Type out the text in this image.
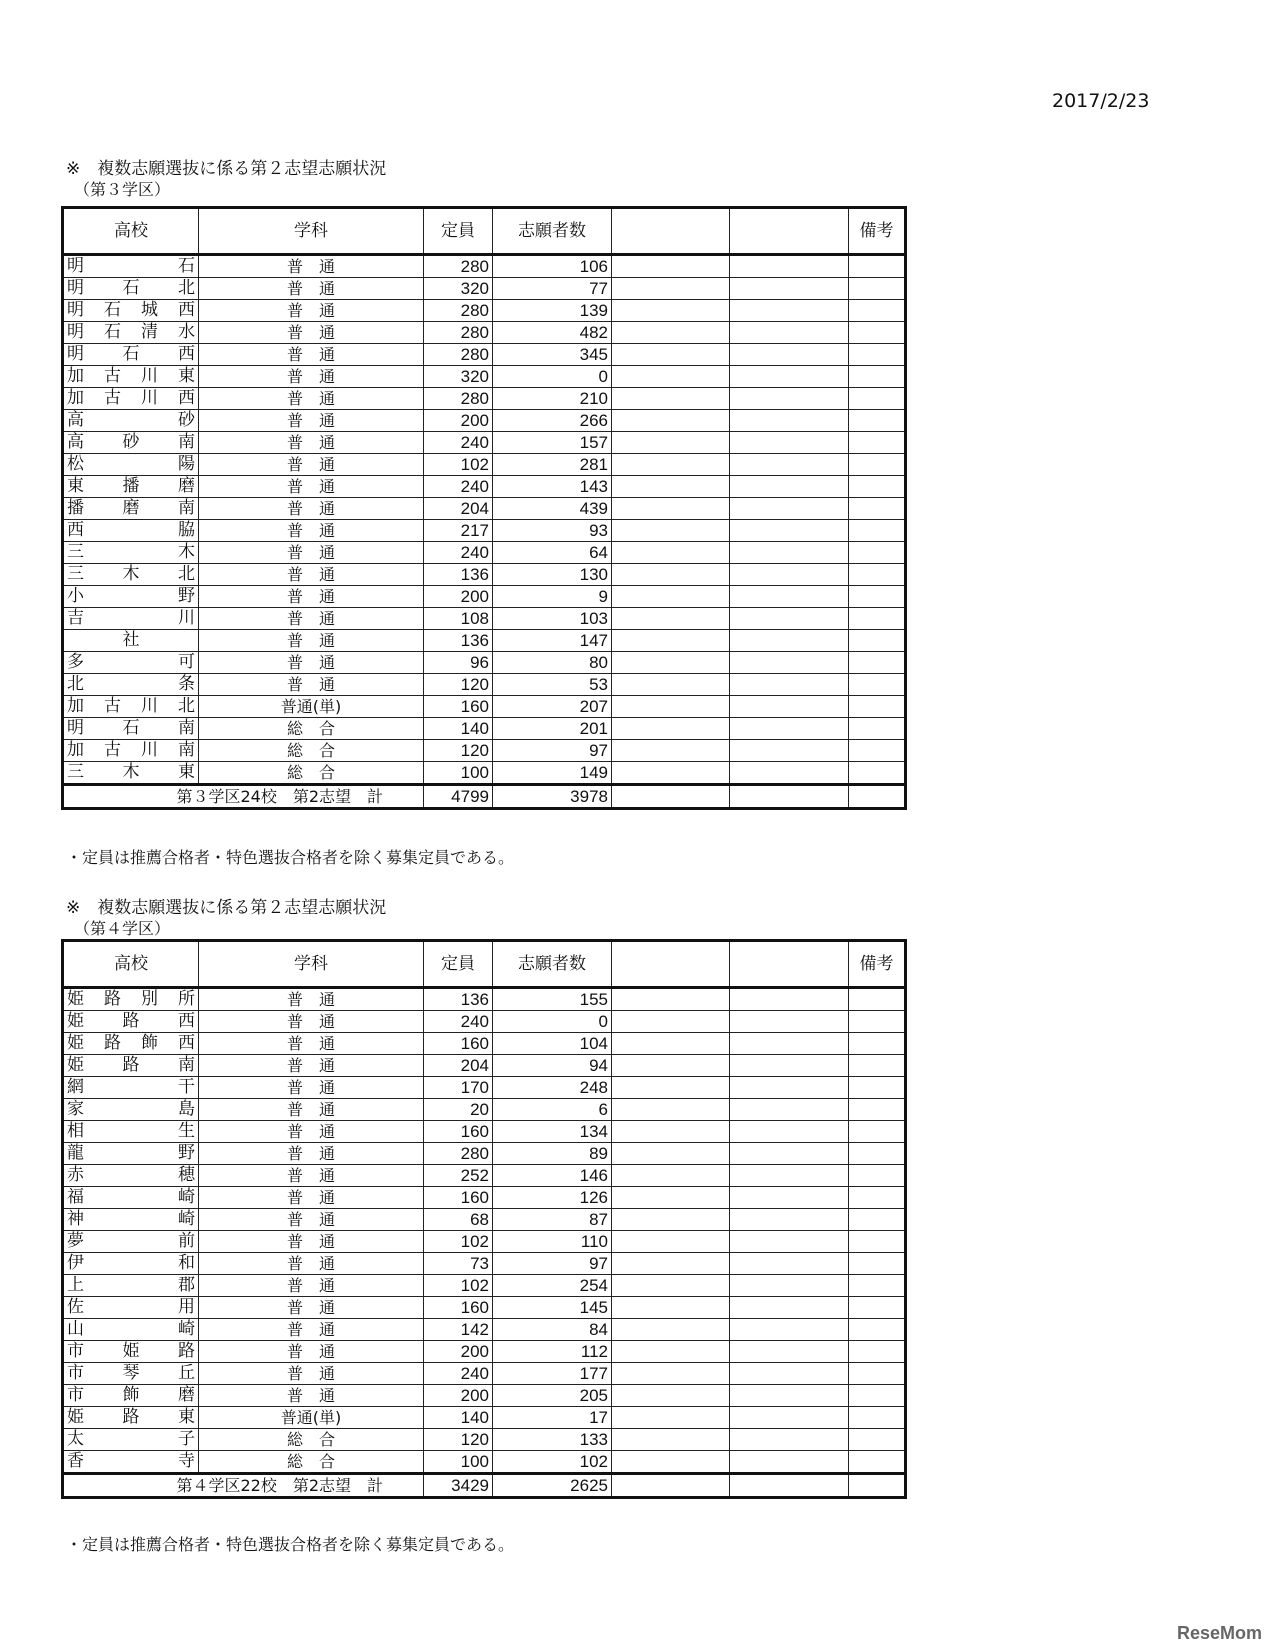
2017/2/23
※　複数志願選抜に係る第２志望志願状況
（第３学区）
高校	学科	定員	志願者数			備考
明石	普　通	280	106			
明石北	普　通	320	77			
明石城西	普　通	280	139			
明石清水	普　通	280	482			
明石西	普　通	280	345			
加古川東	普　通	320	0			
加古川西	普　通	280	210			
高砂	普　通	200	266			
高砂南	普　通	240	157			
松陽	普　通	102	281			
東播磨	普　通	240	143			
播磨南	普　通	204	439			
西脇	普　通	217	93			
三木	普　通	240	64			
三木北	普　通	136	130			
小野	普　通	200	9			
吉川	普　通	108	103			
社	普　通	136	147			
多可	普　通	96	80			
北条	普　通	120	53			
加古川北	普通(単)	160	207			
明石南	総　合	140	201			
加古川南	総　合	120	97			
三木東	総　合	100	149			
第３学区24校　第2志望　計		4799	3978			
・定員は推薦合格者・特色選抜合格者を除く募集定員である。
※　複数志願選抜に係る第２志望志願状況
（第４学区）
高校	学科	定員	志願者数			備考
姫路別所	普　通	136	155			
姫路西	普　通	240	0			
姫路飾西	普　通	160	104			
姫路南	普　通	204	94			
網干	普　通	170	248			
家島	普　通	20	6			
相生	普　通	160	134			
龍野	普　通	280	89			
赤穂	普　通	252	146			
福崎	普　通	160	126			
神崎	普　通	68	87			
夢前	普　通	102	110			
伊和	普　通	73	97			
上郡	普　通	102	254			
佐用	普　通	160	145			
山崎	普　通	142	84			
市姫路	普　通	200	112			
市琴丘	普　通	240	177			
市飾磨	普　通	200	205			
姫路東	普通(単)	140	17			
太子	総　合	120	133			
香寺	総　合	100	102			
第４学区22校　第2志望　計		3429	2625			
・定員は推薦合格者・特色選抜合格者を除く募集定員である。
ReseMom
